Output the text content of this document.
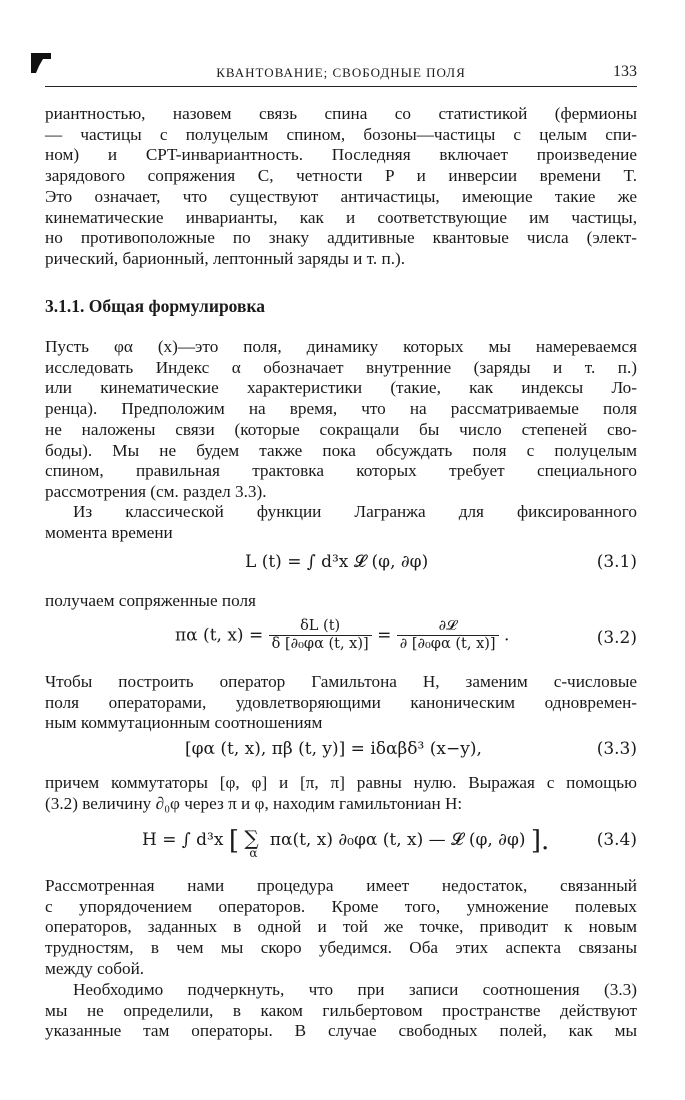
КВАНТОВАНИЕ; СВОБОДНЫЕ ПОЛЯ	133

риантностью, назовем связь спина со статистикой (фермионы
— частицы с полуцелым спином, бозоны—частицы с целым спи-
ном) и CPT-инвариантность. Последняя включает произведение
зарядового сопряжения C, четности P и инверсии времени T.
Это означает, что существуют античастицы, имеющие такие же
кинематические инварианты, как и соответствующие им частицы,
но противоположные по знаку аддитивные квантовые числа (элект-
рический, барионный, лептонный заряды и т. п.).

3.1.1. Общая формулировка

Пусть φα (x)—это поля, динамику которых мы намереваемся
исследовать Индекс α обозначает внутренние (заряды и т. п.)
или кинематические характеристики (такие, как индексы Ло-
ренца). Предположим на время, что на рассматриваемые поля
не наложены связи (которые сокращали бы число степеней сво-
боды). Мы не будем также пока обсуждать поля с полуцелым
спином, правильная трактовка которых требует специального
рассмотрения (см. раздел 3.3).

Из классической функции Лагранжа для фиксированного
момента времени

L (t) = ∫ d³x 𝓛 (φ, ∂φ)	(3.1)

получаем сопряженные поля

πα (t, $x) = \frac{\delta L (t)}{\text{δ [∂₀φα (t, x)]}} = \frac{\text{∂𝓛}}{\text{∂ [∂₀φα (t, x)]}}$ .	(3.2)

Чтобы построить оператор Гамильтона H, заменим c-числовые
поля операторами, удовлетворяющими каноническим одновремен-
ным коммутационным соотношениям

[φα (t, x), πβ (t, y)] = iδαβδ³ (x−y),	(3.3)

причем коммутаторы [φ, φ] и [π, π] равны нулю. Выражая с помощью
(3.2) величину ∂₀φ через π и φ, находим гамильтониан H:

H = ∫ d³x [ ∑
α
πα(t, x) ∂₀φα (t, x) — 𝓛 (φ, ∂φ) ].	(3.4)

Рассмотренная нами процедура имеет недостаток, связанный
с упорядочением операторов. Кроме того, умножение полевых
операторов, заданных в одной и той же точке, приводит к новым
трудностям, в чем мы скоро убедимся. Оба этих аспекта связаны
между собой.

Необходимо подчеркнуть, что при записи соотношения (3.3)
мы не определили, в каком гильбертовом пространстве действуют
указанные там операторы. В случае свободных полей, как мы
